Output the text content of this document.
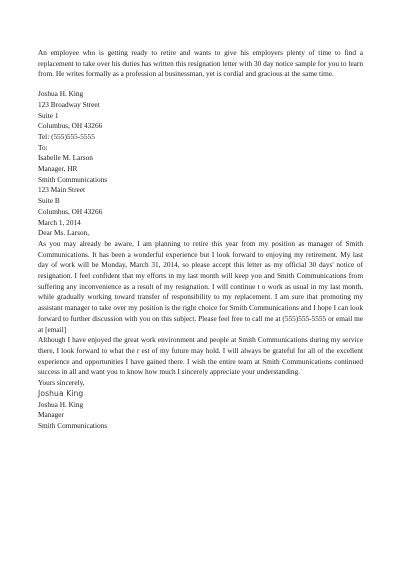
An employee who is getting ready to retire and wants to give his employers plenty of time to find a replacement to take over his duties has written this resignation letter with 30 day notice sample for you to learn from. He writes formally as a profession al businessman, yet is cordial and gracious at the same time.

Joshua H. King
123 Broadway Street
Suite 1
Columbus, OH 43266
Tel: (555)555-5555
To:
Isabelle M. Larson
Manager, HR
Smith Communications
123 Main Street
Suite B
Columbus, OH 43266
March 1, 2014
Dear Ms. Larson,

As you may already be aware, I am planning to retire this year from my position as manager of Smith Communications. It has been a wonderful experience but I look forward to enjoying my retirement. My last day of work will be Monday, March 31, 2014, so please accept this letter as my official 30 days' notice of resignation. I feel confident that my efforts in my last month will keep you and Smith Communications from suffering any inconvenience as a result of my resignation. I will continue t o work as usual in my last month, while gradually working toward transfer of responsibility to my replacement. I am sure that promoting my assistant manager to take over my position is the right choice for Smith Communications and I hope I can look forward to further discussion with you on this subject. Please feel free to call me at (555)555-5555 or email me at [email]

Although I have enjoyed the great work environment and people at Smith Communications during my service there, I look forward to what the r est of my future may hold. I will always be grateful for all of the excellent experience and opportunities I have gained there. I wish the entire team at Smith Communications continued success in all and want you to know how much I sincerely appreciate your understanding.

Yours sincerely,
Joshua King
Joshua H. King
Manager
Smith Communications
